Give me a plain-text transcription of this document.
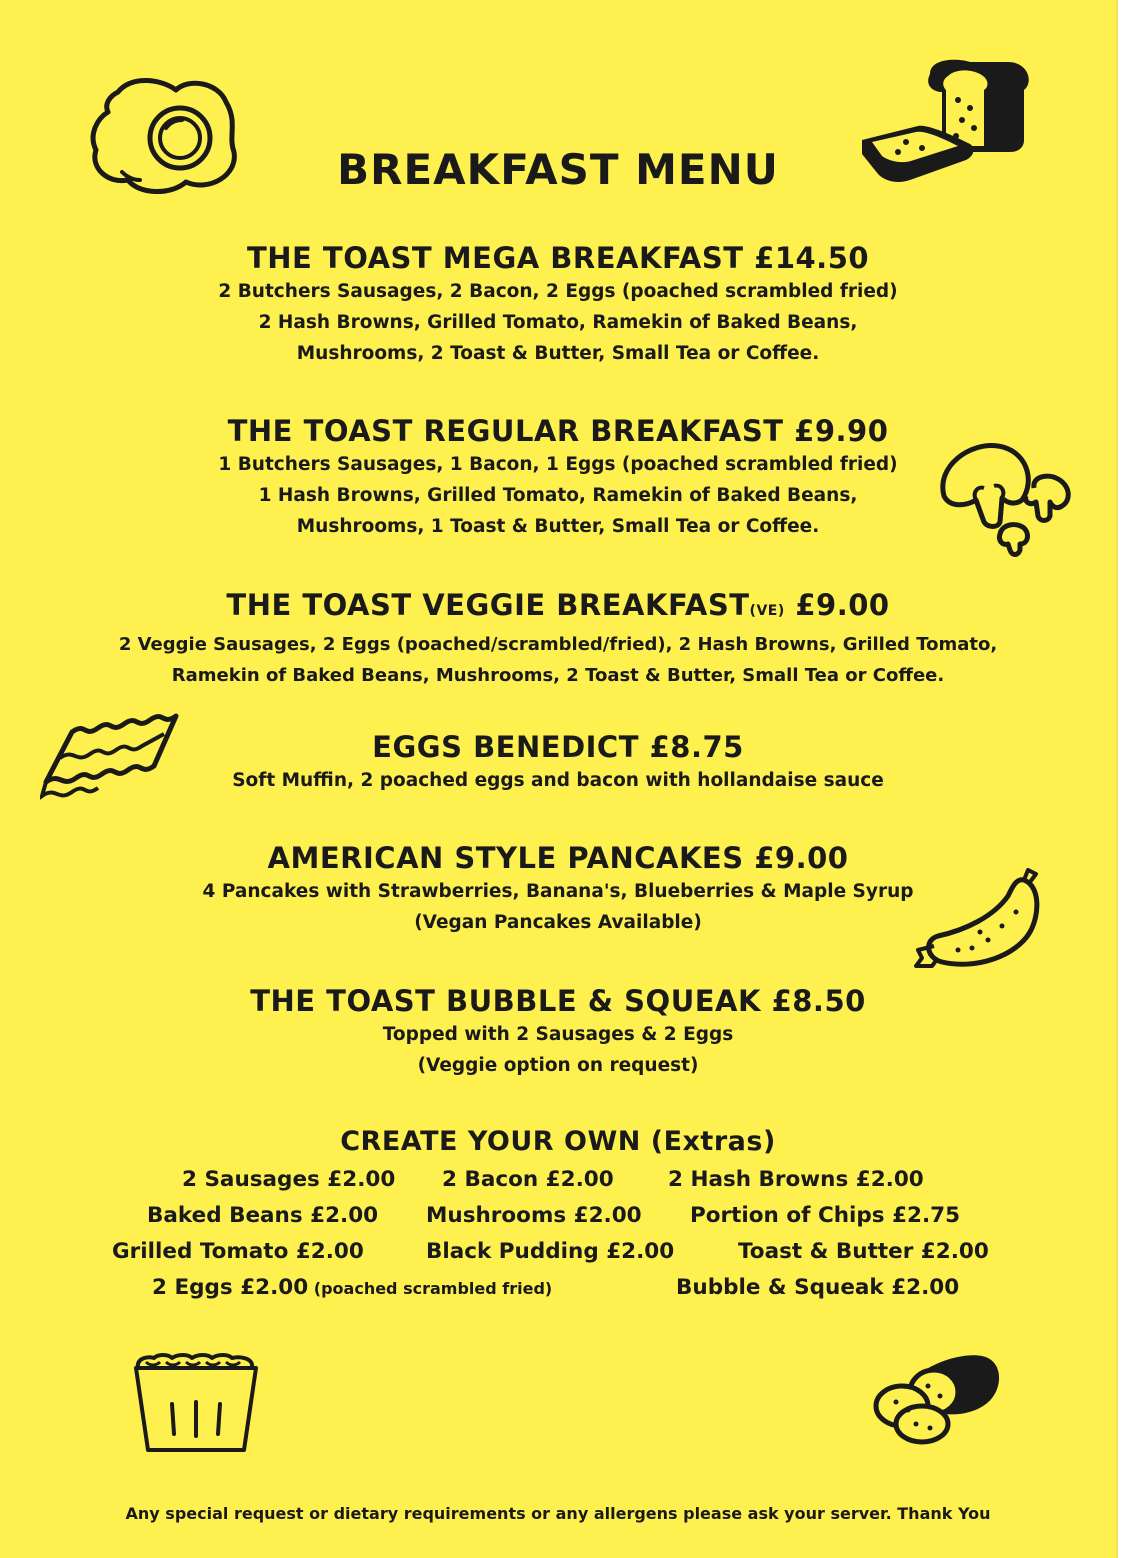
BREAKFAST MENU
THE TOAST MEGA BREAKFAST £14.50
2 Butchers Sausages, 2 Bacon, 2 Eggs (poached scrambled fried)
2 Hash Browns, Grilled Tomato, Ramekin of Baked Beans,
Mushrooms, 2 Toast & Butter, Small Tea or Coffee.
THE TOAST REGULAR BREAKFAST £9.90
1 Butchers Sausages, 1 Bacon, 1 Eggs (poached scrambled fried)
1 Hash Browns, Grilled Tomato, Ramekin of Baked Beans,
Mushrooms, 1 Toast & Butter, Small Tea or Coffee.
THE TOAST VEGGIE BREAKFAST(VE) £9.00
2 Veggie Sausages, 2 Eggs (poached/scrambled/fried), 2 Hash Browns, Grilled Tomato,
Ramekin of Baked Beans, Mushrooms, 2 Toast & Butter, Small Tea or Coffee.
EGGS BENEDICT £8.75
Soft Muffin, 2 poached eggs and bacon with hollandaise sauce
AMERICAN STYLE PANCAKES £9.00
4 Pancakes with Strawberries, Banana's, Blueberries & Maple Syrup
(Vegan Pancakes Available)
THE TOAST BUBBLE & SQUEAK £8.50
Topped with 2 Sausages & 2 Eggs
(Veggie option on request)
CREATE YOUR OWN (Extras)
2 Sausages £2.00 2 Bacon £2.00	2 Hash Browns £2.00
Baked Beans £2.00 Mushrooms £2.00 Portion of Chips £2.75
Grilled Tomato £2.00	Black Pudding £2.00	Toast & Butter £2.00
2 Eggs £2.00 (poached scrambled fried)	Bubble & Squeak £2.00
Any special request or dietary requirements or any allergens please ask your server. Thank You
